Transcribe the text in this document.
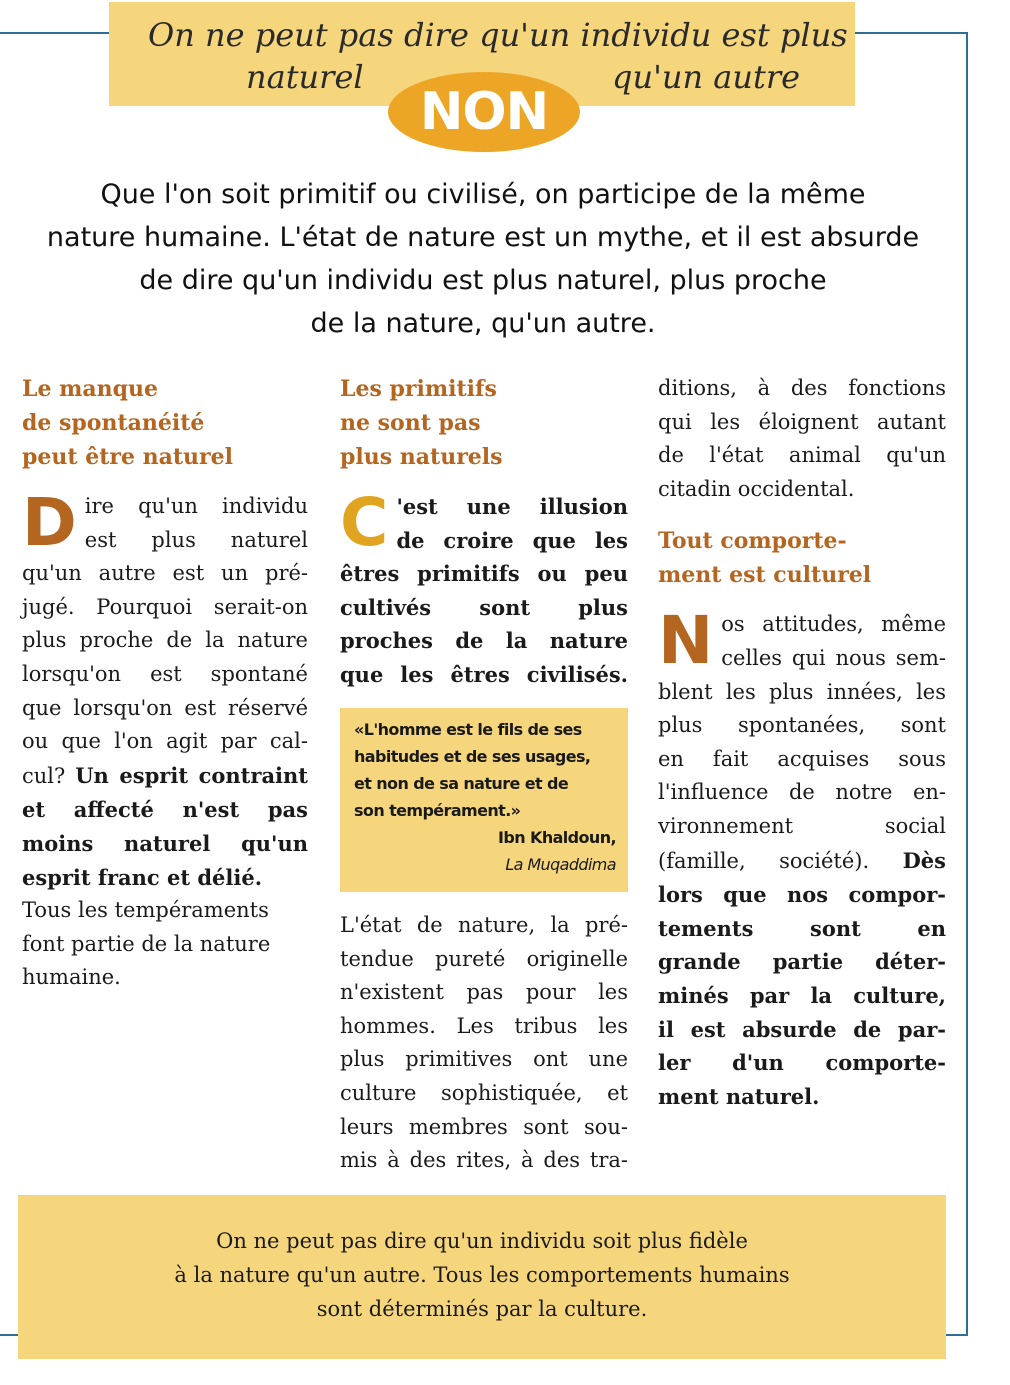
On ne peut pas dire qu'un individu est plus
naturel	qu'un autre
NON
Que l'on soit primitif ou civilisé, on participe de la même
nature humaine. L'état de nature est un mythe, et il est absurde
de dire qu'un individu est plus naturel, plus proche
de la nature, qu'un autre.
Le manque
de spontanéité
peut être naturel
D ire qu'un individu
est plus naturel
qu'un autre est un pré-
jugé. Pourquoi serait-on
plus proche de la nature
lorsqu'on est spontané
que lorsqu'on est réservé
ou que l'on agit par cal-
cul? Un esprit contraint
et affecté n'est pas
moins naturel qu'un
esprit franc et délié.
Tous les tempéraments
font partie de la nature
humaine.
Les primitifs
ne sont pas
plus naturels
C 'est une illusion
de croire que les
êtres primitifs ou peu
cultivés sont plus
proches de la nature
que les êtres civilisés.
«L'homme est le fils de ses
habitudes et de ses usages,
et non de sa nature et de
son tempérament.»
Ibn Khaldoun,
La Muqaddima
L'état de nature, la pré-
tendue pureté originelle
n'existent pas pour les
hommes. Les tribus les
plus primitives ont une
culture sophistiquée, et
leurs membres sont sou-
mis à des rites, à des tra-
ditions, à des fonctions
qui les éloignent autant
de l'état animal qu'un
citadin occidental.
Tout comporte-
ment est culturel
N os attitudes, même
celles qui nous sem-
blent les plus innées, les
plus spontanées, sont
en fait acquises sous
l'influence de notre en-
vironnement social
(famille, société). Dès
lors que nos compor-
tements sont en
grande partie déter-
minés par la culture,
il est absurde de par-
ler d'un comporte-
ment naturel.
On ne peut pas dire qu'un individu soit plus fidèle
à la nature qu'un autre. Tous les comportements humains
sont déterminés par la culture.
